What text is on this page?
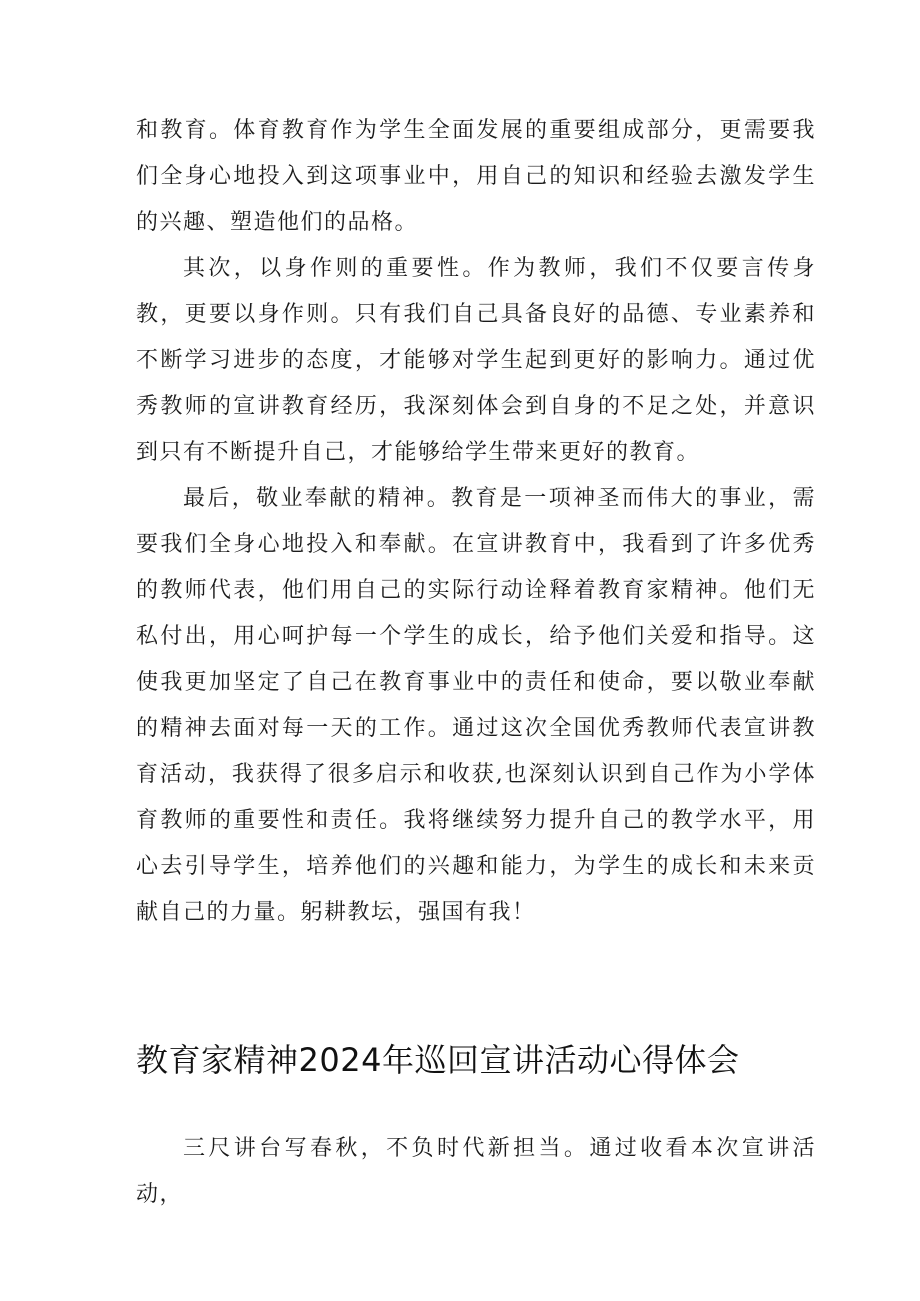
和教育。体育教育作为学生全面发展的重要组成部分，更需要我们全身心地投入到这项事业中，用自己的知识和经验去激发学生的兴趣、塑造他们的品格。

其次，以身作则的重要性。作为教师，我们不仅要言传身教，更要以身作则。只有我们自己具备良好的品德、专业素养和不断学习进步的态度，才能够对学生起到更好的影响力。通过优秀教师的宣讲教育经历，我深刻体会到自身的不足之处，并意识到只有不断提升自己，才能够给学生带来更好的教育。

最后，敬业奉献的精神。教育是一项神圣而伟大的事业，需要我们全身心地投入和奉献。在宣讲教育中，我看到了许多优秀的教师代表，他们用自己的实际行动诠释着教育家精神。他们无私付出，用心呵护每一个学生的成长，给予他们关爱和指导。这使我更加坚定了自己在教育事业中的责任和使命，要以敬业奉献的精神去面对每一天的工作。通过这次全国优秀教师代表宣讲教育活动，我获得了很多启示和收获,也深刻认识到自己作为小学体育教师的重要性和责任。我将继续努力提升自己的教学水平，用心去引导学生，培养他们的兴趣和能力，为学生的成长和未来贡献自己的力量。躬耕教坛，强国有我！

教育家精神2024年巡回宣讲活动心得体会

三尺讲台写春秋，不负时代新担当。通过收看本次宣讲活动，
